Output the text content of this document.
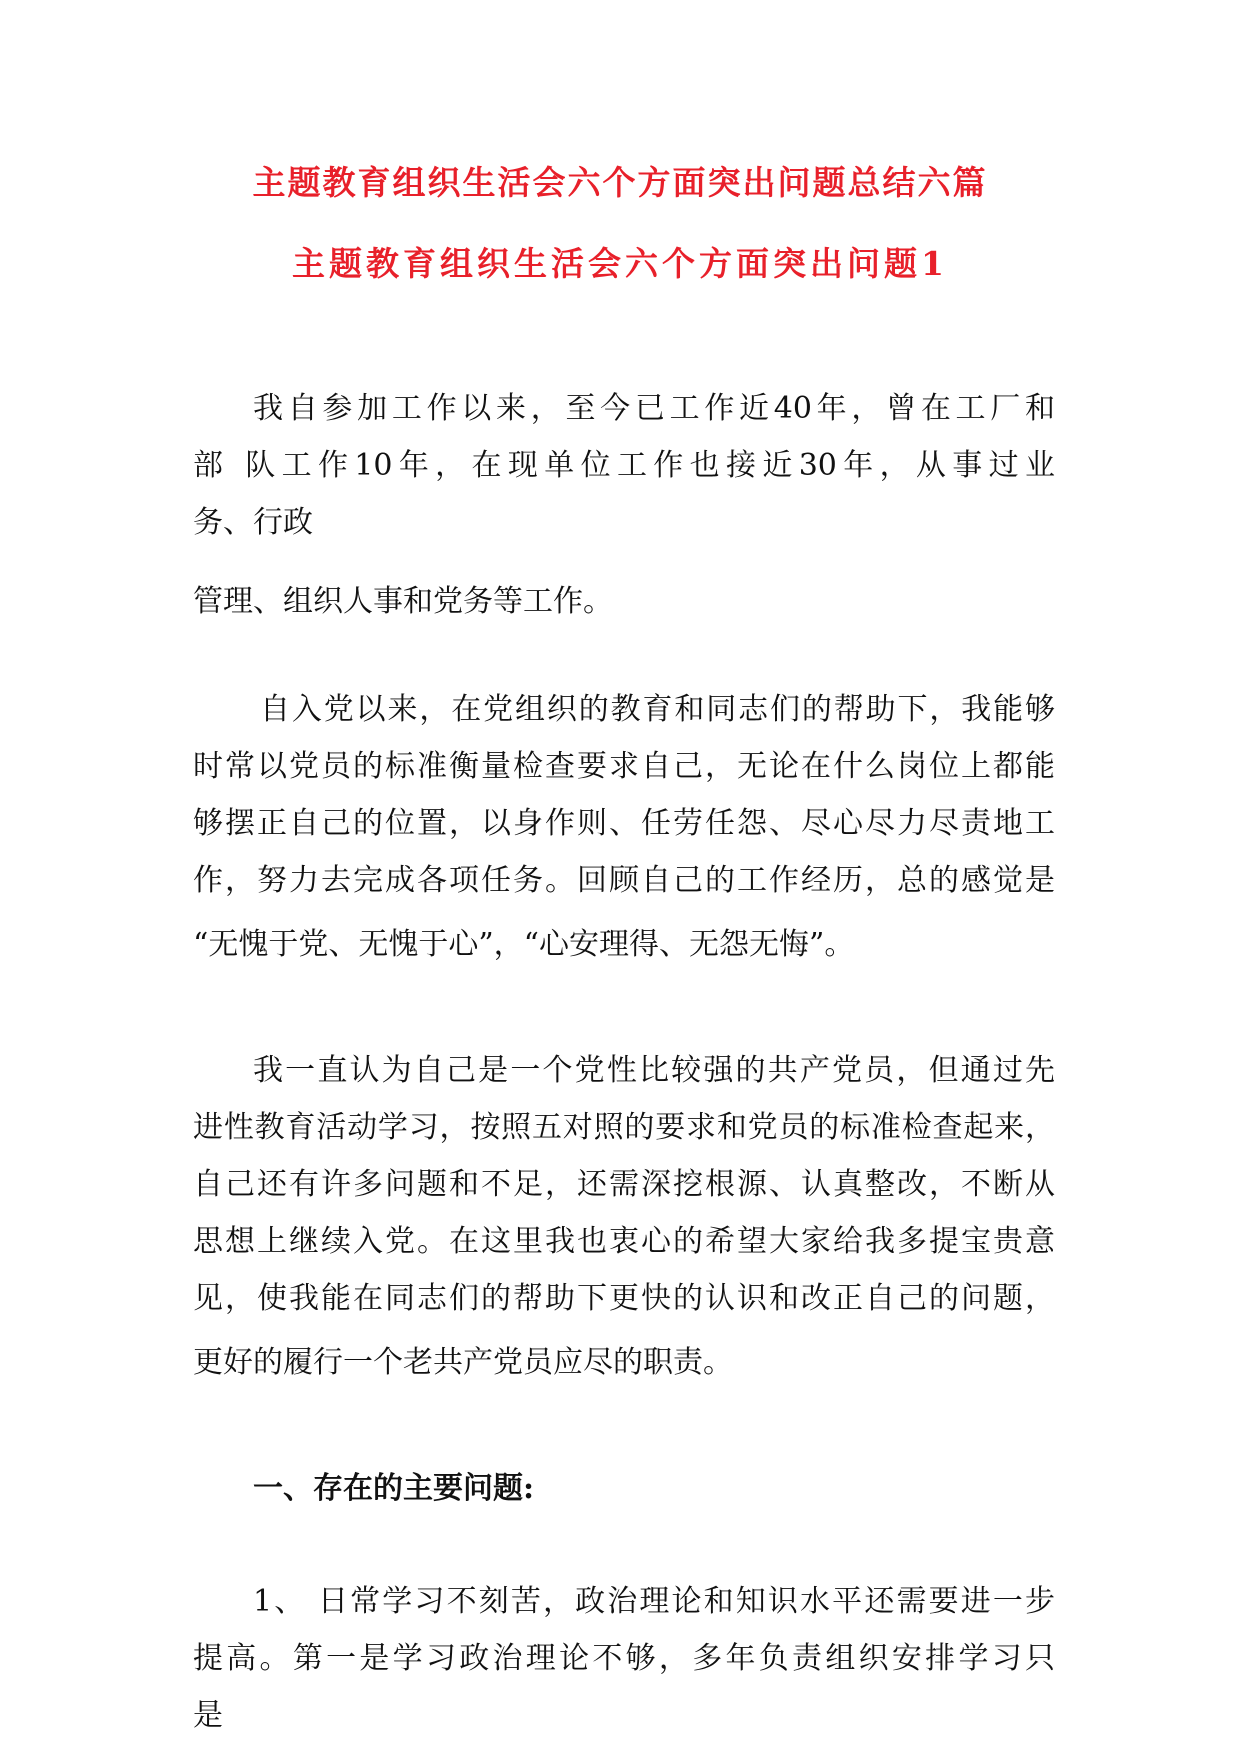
主题教育组织生活会六个方面突出问题总结六篇
主题教育组织生活会六个方面突出问题1
我自参加工作以来，至今已工作近40年，曾在工厂和
部 队工作10年，在现单位工作也接近30年，从事过业
务、行政
管理、组织人事和党务等工作。
自入党以来，在党组织的教育和同志们的帮助下，我能够
时常以党员的标准衡量检查要求自己，无论在什么岗位上都能
够摆正自己的位置，以身作则、任劳任怨、尽心尽力尽责地工
作，努力去完成各项任务。回顾自己的工作经历，总的感觉是
“无愧于党、无愧于心”，“心安理得、无怨无悔”。
我一直认为自己是一个党性比较强的共产党员，但通过先
进性教育活动学习，按照五对照的要求和党员的标准检查起来，
自己还有许多问题和不足，还需深挖根源、认真整改，不断从
思想上继续入党。在这里我也衷心的希望大家给我多提宝贵意
见，使我能在同志们的帮助下更快的认识和改正自己的问题，
更好的履行一个老共产党员应尽的职责。
一、存在的主要问题:
1、 日常学习不刻苦，政治理论和知识水平还需要进一步
提高。第一是学习政治理论不够，多年负责组织安排学习只
是
